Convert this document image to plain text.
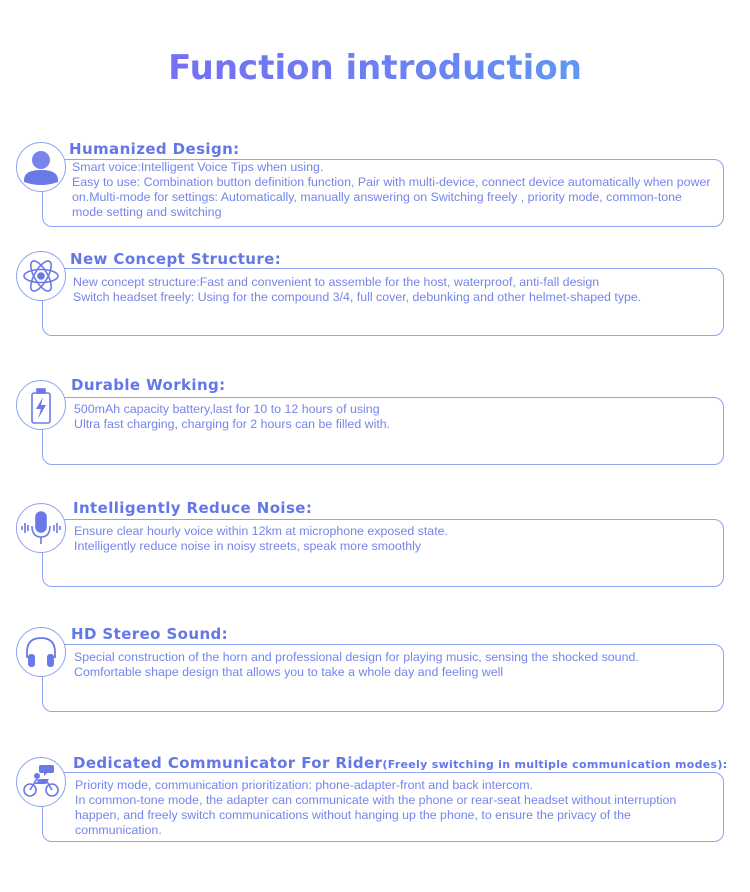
Function introduction
Humanized Design:
Smart voice:Intelligent Voice Tips when using.
Easy to use: Combination button definition function, Pair with multi-device, connect device automatically when power on.Multi-mode for settings: Automatically, manually answering on Switching freely , priority mode, common-tone mode setting and switching
New Concept Structure:
New concept structure:Fast and convenient to assemble for the host, waterproof, anti-fall design
Switch headset freely: Using for the compound 3/4, full cover, debunking and other helmet-shaped type.
Durable Working:
500mAh capacity battery,last for 10 to 12 hours of using
Ultra fast charging, charging for 2 hours can be filled with.
Intelligently Reduce Noise:
Ensure clear hourly voice within 12km at microphone exposed state.
Intelligently reduce noise in noisy streets, speak more smoothly
HD Stereo Sound:
Special construction of the horn and professional design for playing music, sensing the shocked sound.
Comfortable shape design that allows you to take a whole day and feeling well
Dedicated Communicator For Rider(Freely switching in multiple communication modes):
Priority mode, communication prioritization: phone-adapter-front and back intercom.
In common-tone mode, the adapter can communicate with the phone or rear-seat headset without interruption happen, and freely switch communications without hanging up the phone, to ensure the privacy of the communication.
